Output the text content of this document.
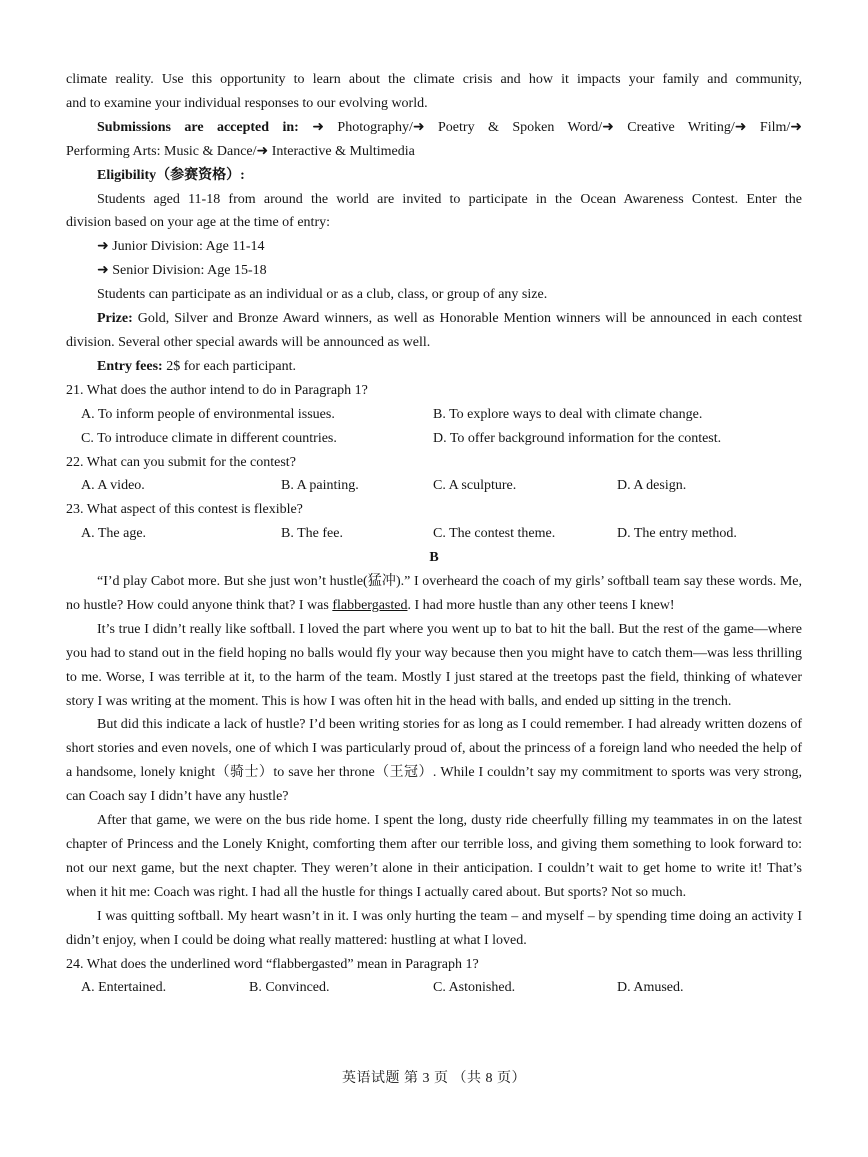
climate reality. Use this opportunity to learn about the climate crisis and how it impacts your family and community,
and to examine your individual responses to our evolving world.
Submissions are accepted in: ➜ Photography/➜ Poetry & Spoken Word/➜ Creative Writing/➜ Film/➜
Performing Arts: Music & Dance/➜ Interactive & Multimedia
Eligibility（参赛资格）:
Students aged 11-18 from around the world are invited to participate in the Ocean Awareness Contest. Enter the
division based on your age at the time of entry:
➜ Junior Division: Age 11-14
➜ Senior Division: Age 15-18
Students can participate as an individual or as a club, class, or group of any size.
Prize: Gold, Silver and Bronze Award winners, as well as Honorable Mention winners will be announced in each contest division. Several other special awards will be announced as well.
Entry fees: 2$ for each participant.
21. What does the author intend to do in Paragraph 1?
A. To inform people of environmental issues.	B. To explore ways to deal with climate change.
C. To introduce climate in different countries.	D. To offer background information for the contest.
22. What can you submit for the contest?
A. A video.	B. A painting.	C. A sculpture.	D. A design.
23. What aspect of this contest is flexible?
A. The age.	B. The fee.	C. The contest theme.	D. The entry method.
B
“I’d play Cabot more. But she just won’t hustle(猛冲).” I overheard the coach of my girls’ softball team say these words. Me, no hustle? How could anyone think that? I was flabbergasted. I had more hustle than any other teens I knew!
It’s true I didn’t really like softball. I loved the part where you went up to bat to hit the ball. But the rest of the game—where you had to stand out in the field hoping no balls would fly your way because then you might have to catch them—was less thrilling to me. Worse, I was terrible at it, to the harm of the team. Mostly I just stared at the treetops past the field, thinking of whatever story I was writing at the moment. This is how I was often hit in the head with balls, and ended up sitting in the trench.
But did this indicate a lack of hustle? I’d been writing stories for as long as I could remember. I had already written dozens of short stories and even novels, one of which I was particularly proud of, about the princess of a foreign land who needed the help of a handsome, lonely knight（骑士）to save her throne（王冠）. While I couldn’t say my commitment to sports was very strong, can Coach say I didn’t have any hustle?
After that game, we were on the bus ride home. I spent the long, dusty ride cheerfully filling my teammates in on the latest chapter of Princess and the Lonely Knight, comforting them after our terrible loss, and giving them something to look forward to: not our next game, but the next chapter. They weren’t alone in their anticipation. I couldn’t wait to get home to write it! That’s when it hit me: Coach was right. I had all the hustle for things I actually cared about. But sports? Not so much.
I was quitting softball. My heart wasn’t in it. I was only hurting the team – and myself – by spending time doing an activity I didn’t enjoy, when I could be doing what really mattered: hustling at what I loved.
24. What does the underlined word “flabbergasted” mean in Paragraph 1?
A. Entertained.	B. Convinced.	C. Astonished.	D. Amused.
英语试题 第 3 页 （共 8 页）
